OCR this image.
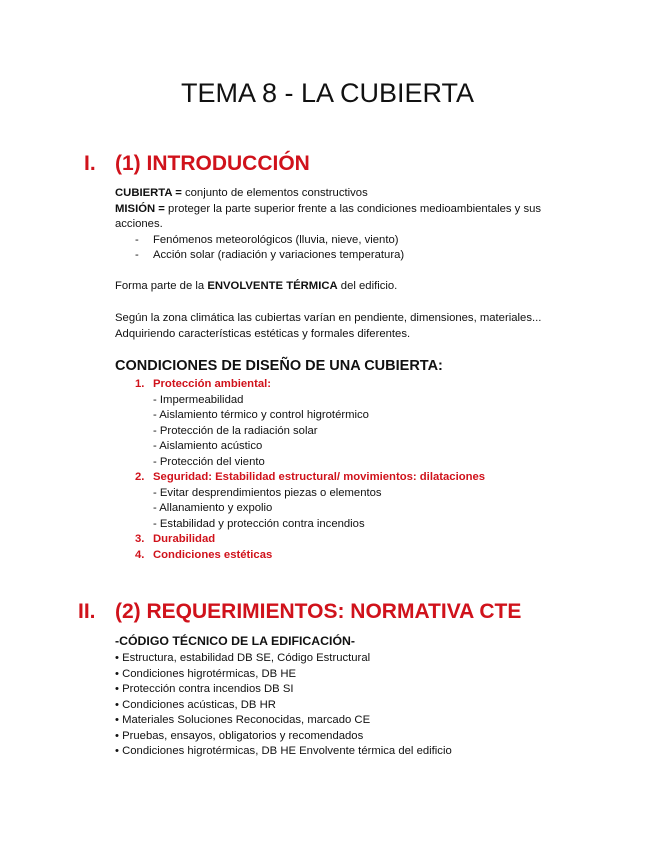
TEMA 8 - LA CUBIERTA
I. (1) INTRODUCCIÓN
CUBIERTA = conjunto de elementos constructivos
MISIÓN = proteger la parte superior frente a las condiciones medioambientales y sus acciones.
- Fenómenos meteorológicos (lluvia, nieve, viento)
- Acción solar (radiación y variaciones temperatura)
Forma parte de la ENVOLVENTE TÉRMICA del edificio.
Según la zona climática las cubiertas varían en pendiente, dimensiones, materiales...
Adquiriendo características estéticas y formales diferentes.
CONDICIONES DE DISEÑO DE UNA CUBIERTA:
1. Protección ambiental:
- Impermeabilidad
- Aislamiento térmico y control higrotérmico
- Protección de la radiación solar
- Aislamiento acústico
- Protección del viento
2. Seguridad: Estabilidad estructural/ movimientos: dilataciones
- Evitar desprendimientos piezas o elementos
- Allanamiento y expolio
- Estabilidad y protección contra incendios
3. Durabilidad
4. Condiciones estéticas
II. (2) REQUERIMIENTOS: NORMATIVA CTE
-CÓDIGO TÉCNICO DE LA EDIFICACIÓN-
• Estructura, estabilidad DB SE, Código Estructural
• Condiciones higrotérmicas, DB HE
• Protección contra incendios DB SI
• Condiciones acústicas, DB HR
• Materiales Soluciones Reconocidas, marcado CE
• Pruebas, ensayos, obligatorios y recomendados
• Condiciones higrotérmicas, DB HE Envolvente térmica del edificio
